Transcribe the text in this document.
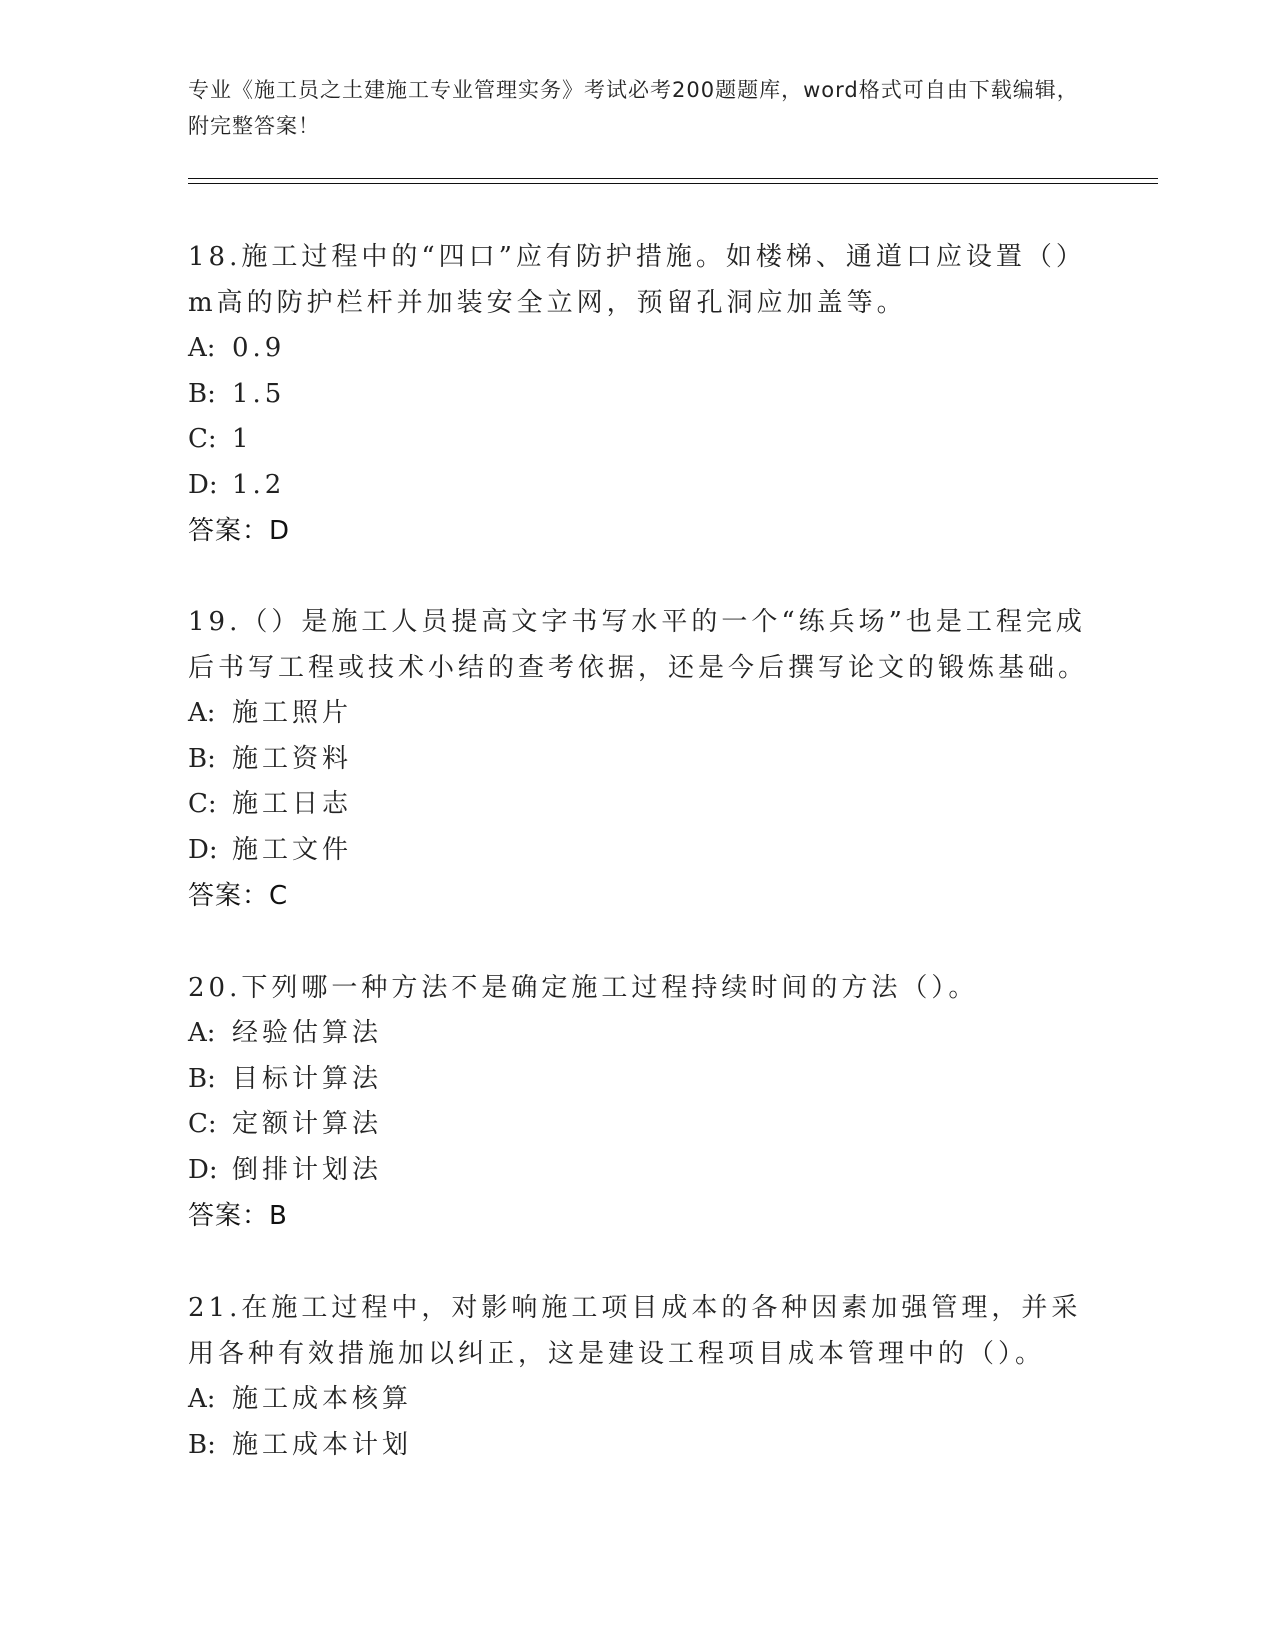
专业《施工员之土建施工专业管理实务》考试必考200题题库，word格式可自由下载编辑，附完整答案！

18.施工过程中的“四口”应有防护措施。如楼梯、通道口应设置（）m高的防护栏杆并加装安全立网，预留孔洞应加盖等。

A: 0.9

B: 1.5

C: 1

D: 1.2

答案：D

19.（）是施工人员提高文字书写水平的一个“练兵场”也是工程完成后书写工程或技术小结的查考依据，还是今后撰写论文的锻炼基础。

A: 施工照片

B: 施工资料

C: 施工日志

D: 施工文件

答案：C

20.下列哪一种方法不是确定施工过程持续时间的方法（）。

A: 经验估算法

B: 目标计算法

C: 定额计算法

D: 倒排计划法

答案：B

21.在施工过程中，对影响施工项目成本的各种因素加强管理，并采用各种有效措施加以纠正，这是建设工程项目成本管理中的（）。

A: 施工成本核算

B: 施工成本计划
